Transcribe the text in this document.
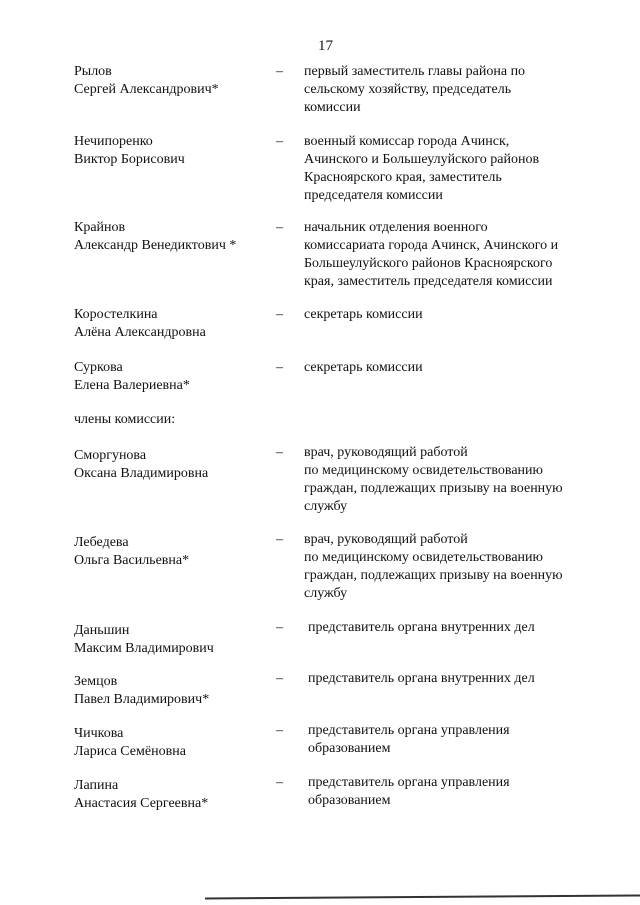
17
Рылов
Сергей Александрович*
– первый заместитель главы района по
сельскому хозяйству, председатель
комиссии
Нечипоренко
Виктор Борисович
– военный комиссар города Ачинск,
Ачинского и Большеулуйского районов
Красноярского края, заместитель
председателя комиссии
Крайнов
Александр Венедиктович *
– начальник отделения военного
комиссариата города Ачинск, Ачинского и
Большеулуйского районов Красноярского
края, заместитель председателя комиссии
Коростелкина
Алёна Александровна
– секретарь комиссии
Суркова
Елена Валериевна*
– секретарь комиссии
члены комиссии:
Сморгунова
Оксана Владимировна
– врач, руководящий работой
по медицинскому освидетельствованию
граждан, подлежащих призыву на военную
службу
Лебедева
Ольга Васильевна*
– врач, руководящий работой
по медицинскому освидетельствованию
граждан, подлежащих призыву на военную
службу
Даньшин
Максим Владимирович
– представитель органа внутренних дел
Земцов
Павел Владимирович*
– представитель органа внутренних дел
Чичкова
Лариса Семёновна
– представитель органа управления
образованием
Лапина
Анастасия Сергеевна*
– представитель органа управления
образованием
